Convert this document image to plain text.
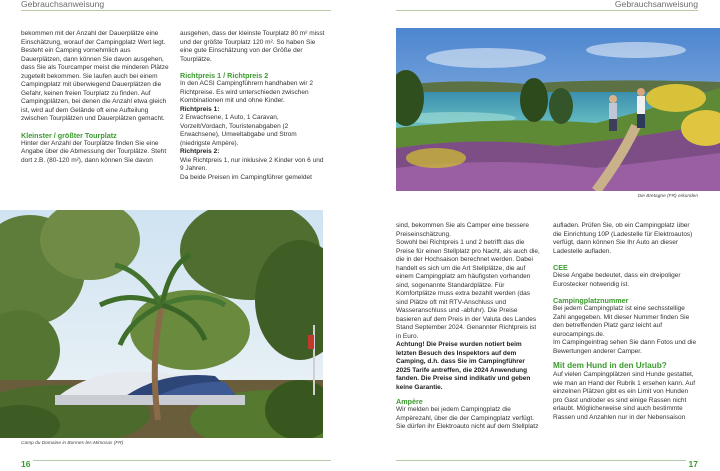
Gebrauchsanweisung	Gebrauchsanweisung

bekommen mit der Anzahl der Dauerplätze eine Einschätzung, worauf der Campingplatz Wert legt. Besteht ein Camping vornehmlich aus Dauerplätzen, dann können Sie davon ausgehen, dass Sie als Tourcamper meist die minderen Plätze zugeteilt bekommen. Sie laufen auch bei einem Campingplatz mit überwiegend Dauerplätzen die Gefahr, keinen freien Tourplatz zu finden. Auf Campingplätzen, bei denen die Anzahl etwa gleich ist, wird auf dem Gelände oft eine Aufteilung zwischen Tourplätzen und Dauerplätzen gemacht.

Kleinster / größter Tourplatz

Hinter der Anzahl der Tourplätze finden Sie eine Angabe über die Abmessung der Tourplätze. Steht dort z.B. (80-120 m²), dann können Sie davon

ausgehen, dass der kleinste Tourplatz 80 m² misst und der größte Tourplatz 120 m². So haben Sie eine gute Einschätzung von der Größe der Tourplätze.

Richtpreis 1 / Richtpreis 2

In den ACSI Campingführern handhaben wir 2 Richtpreise. Es wird unterschieden zwischen Kombinationen mit und ohne Kinder.

Richtpreis 1:

2 Erwachsene, 1 Auto, 1 Caravan, Vorzelt/Vordach, Touristenabgaben (2 Erwachsene), Umweltabgabe und Strom (niedrigste Ampère).

Richtpreis 2:

Wie Richtpreis 1, nur inklusive 2 Kinder von 6 und 9 Jahren.

Da beide Preisen im Campingführer gemeldet

Camp du Domaine in Bormes-les-Mimosas (FR)
Die Bretagne (FR) erkunden

sind, bekommen Sie als Camper eine bessere Preiseinschätzung.

Sowohl bei Richtpreis 1 und 2 betrifft das die Preise für einen Stellplatz pro Nacht, als auch die, die in der Hochsaison berechnet werden. Dabei handelt es sich um die Art Stellplätze, die auf einem Campingplatz am häufigsten vorhanden sind, sogenannte Standardplätze. Für Komfortplätze muss extra bezahlt werden (das sind Plätze oft mit RTV-Anschluss und Wasseranschluss und -abfuhr). Die Preise basieren auf dem Preis in der Valuta des Landes Stand September 2024. Genannter Richtpreis ist in Euro.

Achtung! Die Preise wurden notiert beim letzten Besuch des Inspektors auf dem Camping, d.h. dass Sie im Campingführer 2025 Tarife antreffen, die 2024 Anwendung fanden. Die Preise sind indikativ und geben keine Garantie.

Ampère

Wir melden bei jedem Campingplatz die Ampèrezahl, über die der Campingplatz verfügt. Sie dürfen ihr Elektroauto nicht auf dem Stellplatz

aufladen. Prüfen Sie, ob ein Campingplatz über die Einrichtung 10P (Ladestelle für Elektroautos) verfügt, dann können Sie Ihr Auto an dieser Ladestelle aufladen.

CEE

Diese Angabe bedeutet, dass ein dreipoliger Eurostecker notwendig ist.

Campingplatznummer

Bei jedem Campingplatz ist eine sechsstellige Zahl angegeben. Mit dieser Nummer finden Sie den betreffenden Platz ganz leicht auf eurocampings.de.

Im Campingeintrag sehen Sie dann Fotos und die Bewertungen anderer Camper.

Mit dem Hund in den Urlaub?

Auf vielen Campingplätzen sind Hunde gestattet, wie man an Hand der Rubrik 1 ersehen kann. Auf einzelnen Plätzen gibt es ein Limit von Hunden pro Gast und/oder es sind einige Rassen nicht erlaubt. Möglicherweise sind auch bestimmte Rassen und Anzahlen nur in der Nebensaison

16	17
